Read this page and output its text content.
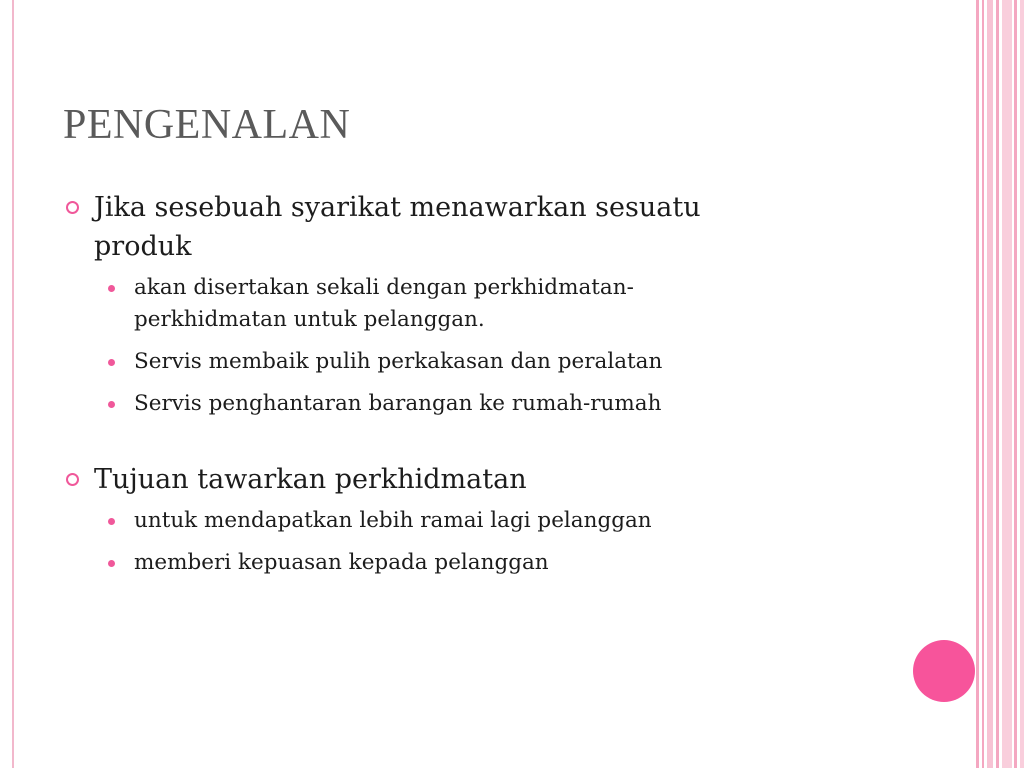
PENGENALAN
Jika sesebuah syarikat menawarkan sesuatu
produk
akan disertakan sekali dengan perkhidmatan-
perkhidmatan untuk pelanggan.
Servis membaik pulih perkakasan dan peralatan
Servis penghantaran barangan ke rumah-rumah
Tujuan tawarkan perkhidmatan
untuk mendapatkan lebih ramai lagi pelanggan
memberi kepuasan kepada pelanggan
